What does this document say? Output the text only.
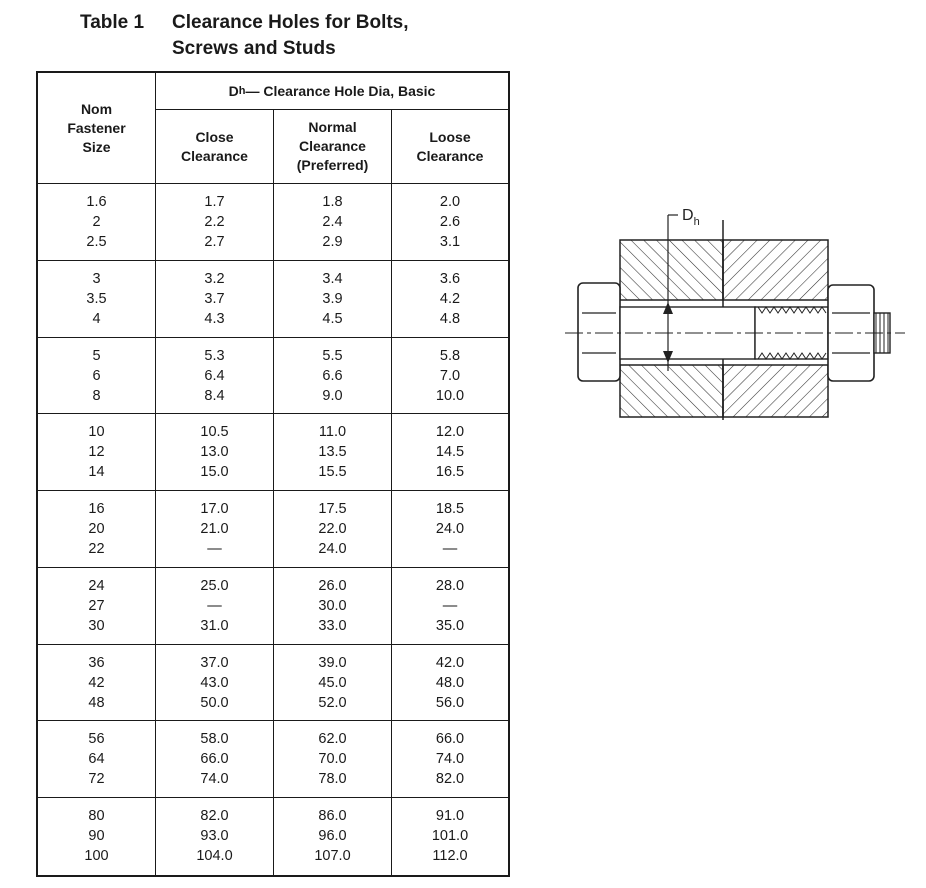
Table 1 Clearance Holes for Bolts,
Screws and Studs
Nom
Fastener
Size
D h — Clearance Hole Dia, Basic
Close
Clearance
Normal
Clearance
(Preferred)
Loose
Clearance
1.6
2
2.5
1.7
2.2
2.7
1.8
2.4
2.9
2.0
2.6
3.1
3
3.5
4
3.2
3.7
4.3
3.4
3.9
4.5
3.6
4.2
4.8
5
6
8
5.3
6.4
8.4
5.5
6.6
9.0
5.8
7.0
10.0
10
12
14
10.5
13.0
15.0
11.0
13.5
15.5
12.0
14.5
16.5
16
20
22
17.0
21.0
—
17.5
22.0
24.0
18.5
24.0
—
24
27
30
25.0
—
31.0
26.0
30.0
33.0
28.0
—
35.0
36
42
48
37.0
43.0
50.0
39.0
45.0
52.0
42.0
48.0
56.0
56
64
72
58.0
66.0
74.0
62.0
70.0
78.0
66.0
74.0
82.0
80
90
100
82.0
93.0
104.0
86.0
96.0
107.0
91.0
101.0
112.0
$D_h$
